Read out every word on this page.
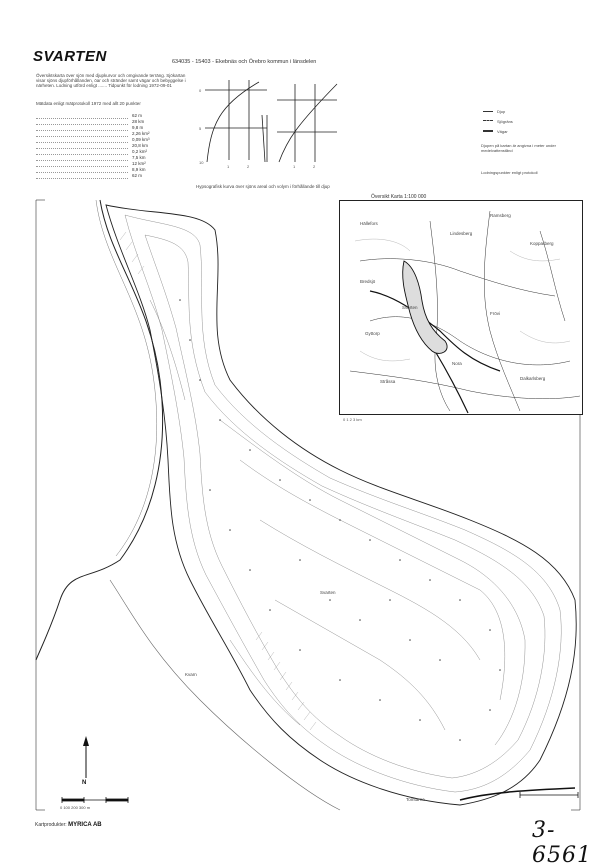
SVARTEN	634035 - 15403 - Ekebnäs och Örebro kommun i länsdelen
Översiktskarta över sjön med djupkurvor och omgivande terräng. Sjökartan visar sjöns djupförhållanden, öar och stränder samt vägar och bebyggelse i närheten. Lodning utförd enligt ....... Tidpunkt för lodning 1972-09-01
Mätdata enligt mätprotokoll 1972 med allt 20 punkter
62 m
28 km
9,8 m
2,26 km²
0,09 km³
20,8 km
0,2 km²
7,5 km
12 km²
8,9 km
62 m
0
5
10
1	2	1	2
Hypsografisk kurva över sjöns areal och volym i förhållande till djup
Djup
Sjögräns
Vägar
Djupen på kartan är angivna i meter under medelvattenstånd
Lodningspunkter enligt protokoll
Svarten
Kvarn
Tomtarna
N
0 100 200 300 m
Svarten
Lindesberg
Frövi
Bredsjö
Nora
Ramsberg
Kopparberg
Stråssa
Dalkarlsberg
Gyttorp
Hällefors
Översikt Karta 1:100 000
0 1 2 3 km
Kartprodukter: MYRICA AB	3-6561
